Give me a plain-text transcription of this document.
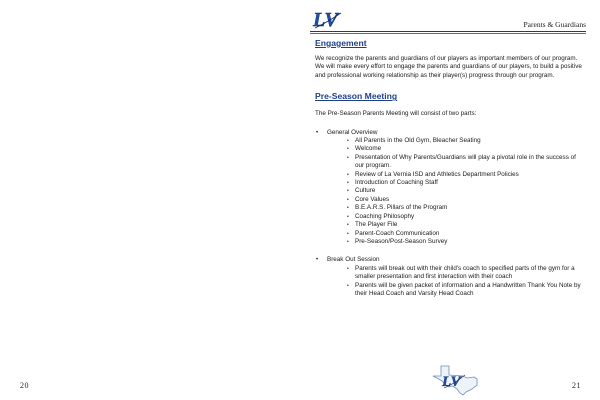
LV	Parents & Guardians
Engagement

We recognize the parents and guardians of our players as important members of our program. We will make every effort to engage the parents and guardians of our players, to build a positive and professional working relationship as their player(s) progress through our program.

Pre-Season Meeting

The Pre-Season Parents Meeting will consist of two parts:

• General Overview
• All Parents in the Old Gym, Bleacher Seating
• Welcome
• Presentation of Why Parents/Guardians will play a pivotal role in the success of our program.
• Review of La Vernia ISD and Athletics Department Policies
• Introduction of Coaching Staff
• Culture
• Core Values
• B.E.A.R.S. Pillars of the Program
• Coaching Philosophy
• The Player File
• Parent-Coach Communication
• Pre-Season/Post-Season Survey
• Break Out Session
• Parents will break out with their child's coach to specified parts of the gym for a smaller presentation and first interaction with their coach
• Parents will be given packet of information and a Handwritten Thank You Note by their Head Coach and Varsity Head Coach
LV
20	21
